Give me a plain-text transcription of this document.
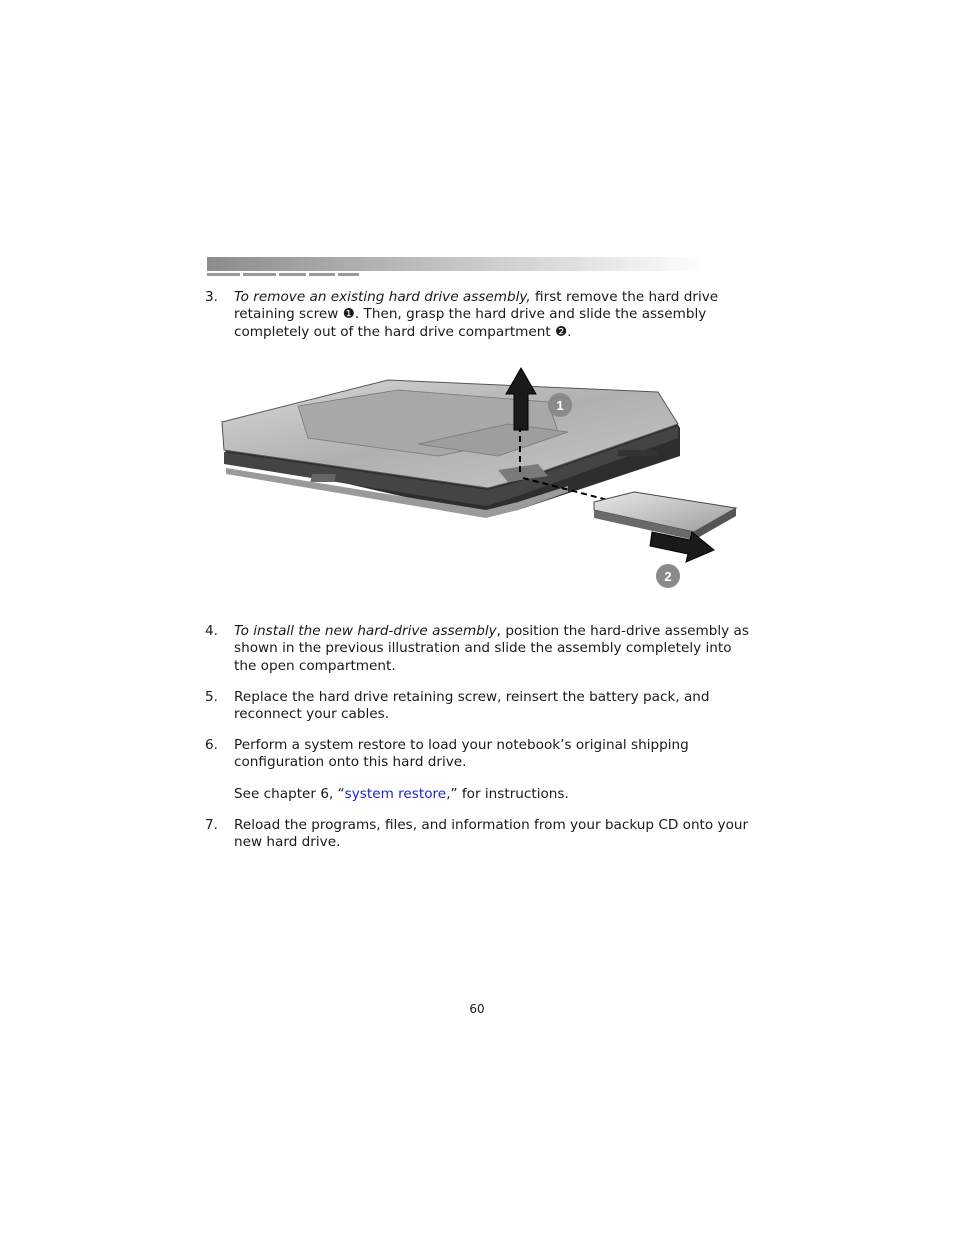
3.	To remove an existing hard drive assembly, first remove the hard drive retaining screw ❶. Then, grasp the hard drive and slide the assembly completely out of the hard drive compartment ❷.

1
2
4.	To install the new hard-drive assembly, position the hard-drive assembly as shown in the previous illustration and slide the assembly completely into the open compartment.

5.	Replace the hard drive retaining screw, reinsert the battery pack, and reconnect your cables.

6.	Perform a system restore to load your notebook’s original shipping configuration onto this hard drive.

See chapter 6, “system restore,” for instructions.

7.	Reload the programs, files, and information from your backup CD onto your new hard drive.

60
